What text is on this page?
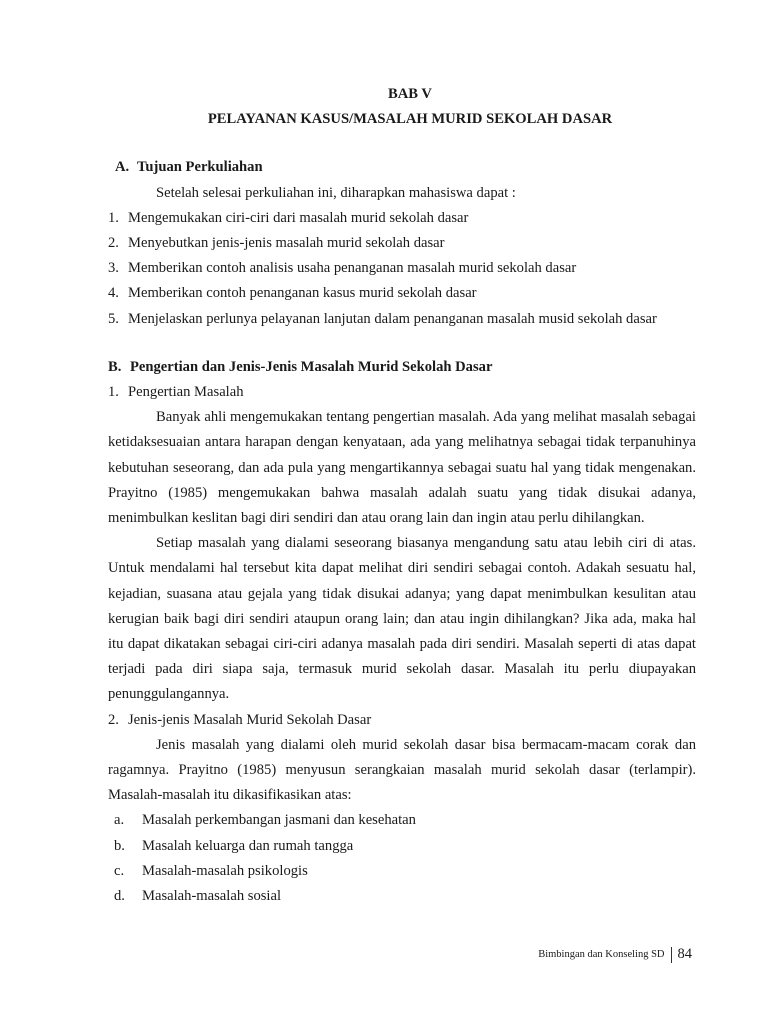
BAB V

PELAYANAN KASUS/MASALAH MURID SEKOLAH DASAR

A. Tujuan Perkuliahan

Setelah selesai perkuliahan ini, diharapkan mahasiswa dapat :

1. Mengemukakan ciri-ciri dari masalah murid sekolah dasar
2. Menyebutkan jenis-jenis masalah murid sekolah dasar
3. Memberikan contoh analisis usaha penanganan masalah murid sekolah dasar
4. Memberikan contoh penanganan kasus murid sekolah dasar
5. Menjelaskan perlunya pelayanan lanjutan dalam penanganan masalah musid sekolah dasar

B. Pengertian dan Jenis-Jenis Masalah Murid Sekolah Dasar

1. Pengertian Masalah

Banyak ahli mengemukakan tentang pengertian masalah. Ada yang melihat masalah sebagai ketidaksesuaian antara harapan dengan kenyataan, ada yang melihatnya sebagai tidak terpanuhinya kebutuhan seseorang, dan ada pula yang mengartikannya sebagai suatu hal yang tidak mengenakan. Prayitno (1985) mengemukakan bahwa masalah adalah suatu yang tidak disukai adanya, menimbulkan keslitan bagi diri sendiri dan atau orang lain dan ingin atau perlu dihilangkan.

Setiap masalah yang dialami seseorang biasanya mengandung satu atau lebih ciri di atas. Untuk mendalami hal tersebut kita dapat melihat diri sendiri sebagai contoh. Adakah sesuatu hal, kejadian, suasana atau gejala yang tidak disukai adanya; yang dapat menimbulkan kesulitan atau kerugian baik bagi diri sendiri ataupun orang lain; dan atau ingin dihilangkan? Jika ada, maka hal itu dapat dikatakan sebagai ciri-ciri adanya masalah pada diri sendiri. Masalah seperti di atas dapat terjadi pada diri siapa saja, termasuk murid sekolah dasar. Masalah itu perlu diupayakan penunggulangannya.

2. Jenis-jenis Masalah Murid Sekolah Dasar

Jenis masalah yang dialami oleh murid sekolah dasar bisa bermacam-macam corak dan ragamnya. Prayitno (1985) menyusun serangkaian masalah murid sekolah dasar (terlampir). Masalah-masalah itu dikasifikasikan atas:

a.	Masalah perkembangan jasmani dan kesehatan
b.	Masalah keluarga dan rumah tangga
c.	Masalah-masalah psikologis
d.	Masalah-masalah sosial
Bimbingan dan Konseling SD 84
